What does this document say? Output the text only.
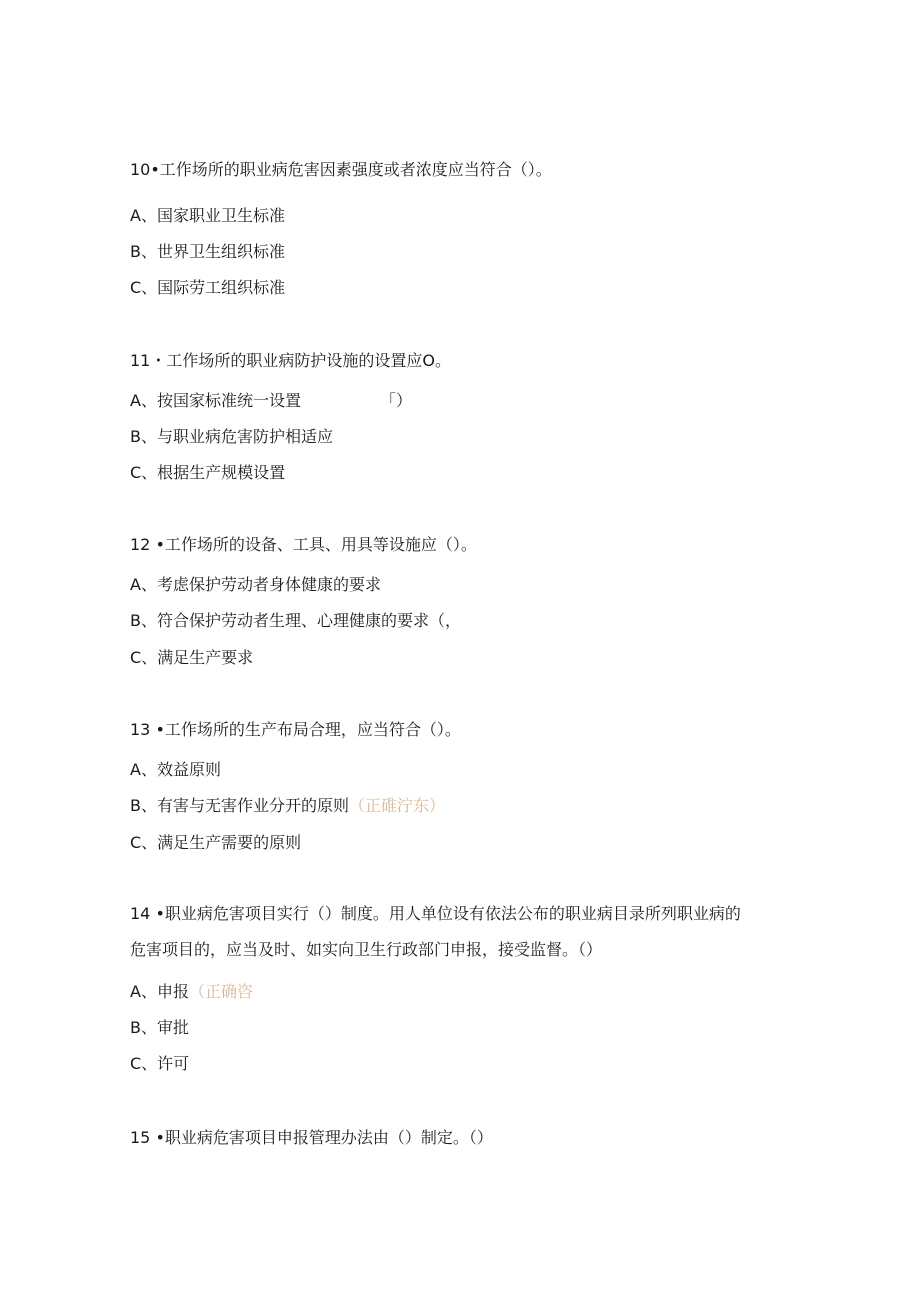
10•工作场所的职业病危害因素强度或者浓度应当符合（）。
A、国家职业卫生标准
B、世界卫生组织标准
C、国际劳工组织标准
11・工作场所的职业病防护设施的设置应O。
A、按国家标准统一设置	「）
B、与职业病危害防护相适应
C、根据生产规模设置
12 •工作场所的设备、工具、用具等设施应（）。
A、考虑保护劳动者身体健康的要求
B、符合保护劳动者生理、心理健康的要求（，
C、满足生产要求
13 •工作场所的生产布局合理，应当符合（）。
A、效益原则
B、有害与无害作业分开的原则（正碓泞东）
C、满足生产需要的原则
14 •职业病危害项目实行（）制度。用人单位设有依法公布的职业病目录所列职业病的
危害项目的，应当及时、如实向卫生行政部门申报，接受监督。（）
A、申报（正确咨
B、审批
C、许可
15 •职业病危害项目申报管理办法由（）制定。（）
